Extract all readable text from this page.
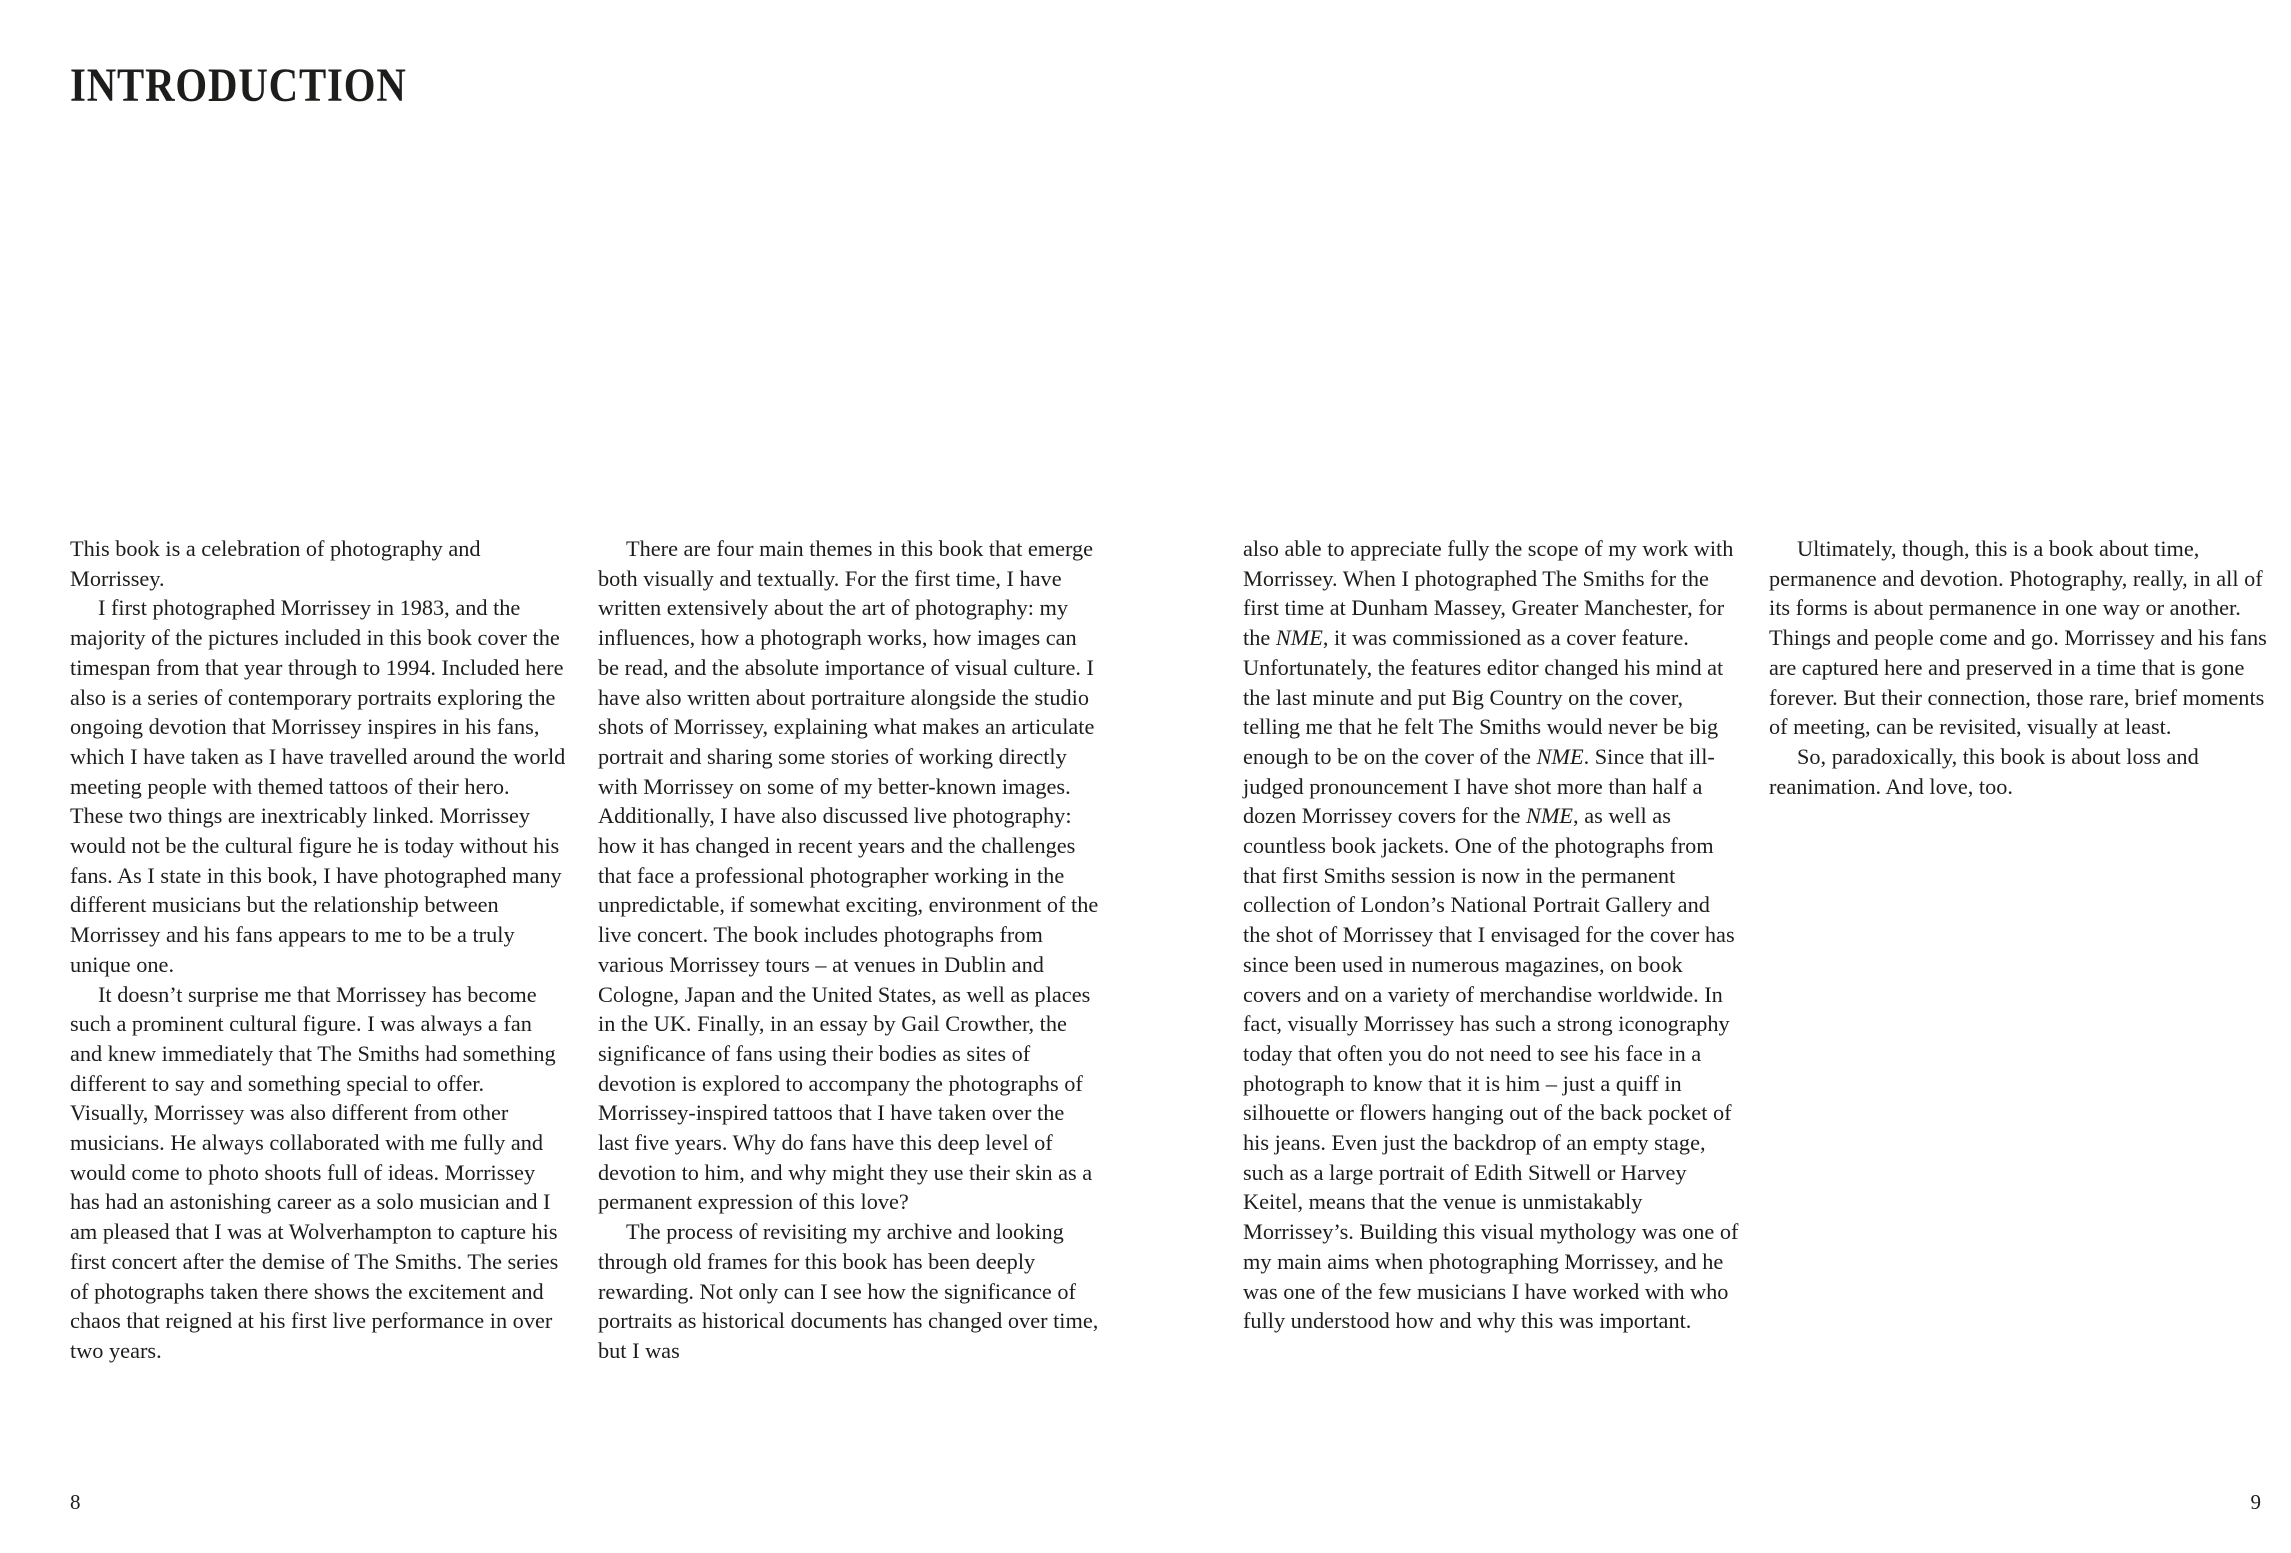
INTRODUCTION

This book is a celebration of photography and Morrissey.

I first photographed Morrissey in 1983, and the majority of the pictures included in this book cover the timespan from that year through to 1994. Included here also is a series of contemporary portraits exploring the ongoing devotion that Morrissey inspires in his fans, which I have taken as I have travelled around the world meeting people with themed tattoos of their hero. These two things are inextricably linked. Morrissey would not be the cultural figure he is today without his fans. As I state in this book, I have photographed many different musicians but the relationship between Morrissey and his fans appears to me to be a truly unique one.

It doesn’t surprise me that Morrissey has become such a prominent cultural figure. I was always a fan and knew immediately that The Smiths had something different to say and something special to offer. Visually, Morrissey was also different from other musicians. He always collaborated with me fully and would come to photo shoots full of ideas. Morrissey has had an astonishing career as a solo musician and I am pleased that I was at Wolverhampton to capture his first concert after the demise of The Smiths. The series of photographs taken there shows the excitement and chaos that reigned at his first live performance in over two years.

There are four main themes in this book that emerge both visually and textually. For the first time, I have written extensively about the art of photography: my influences, how a photograph works, how images can be read, and the absolute importance of visual culture. I have also written about portraiture alongside the studio shots of Morrissey, explaining what makes an articulate portrait and sharing some stories of working directly with Morrissey on some of my better-known images. Additionally, I have also discussed live photography: how it has changed in recent years and the challenges that face a professional photographer working in the unpredictable, if somewhat exciting, environment of the live concert. The book includes photographs from various Morrissey tours – at venues in Dublin and Cologne, Japan and the United States, as well as places in the UK. Finally, in an essay by Gail Crowther, the significance of fans using their bodies as sites of devotion is explored to accompany the photographs of Morrissey-inspired tattoos that I have taken over the last five years. Why do fans have this deep level of devotion to him, and why might they use their skin as a permanent expression of this love?

The process of revisiting my archive and looking through old frames for this book has been deeply rewarding. Not only can I see how the significance of portraits as historical documents has changed over time, but I was

also able to appreciate fully the scope of my work with Morrissey. When I photographed The Smiths for the first time at Dunham Massey, Greater Manchester, for the NME, it was commissioned as a cover feature. Unfortunately, the features editor changed his mind at the last minute and put Big Country on the cover, telling me that he felt The Smiths would never be big enough to be on the cover of the NME. Since that ill-judged pronouncement I have shot more than half a dozen Morrissey covers for the NME, as well as countless book jackets. One of the photographs from that first Smiths session is now in the permanent collection of London’s National Portrait Gallery and the shot of Morrissey that I envisaged for the cover has since been used in numerous magazines, on book covers and on a variety of merchandise worldwide. In fact, visually Morrissey has such a strong iconography today that often you do not need to see his face in a photograph to know that it is him – just a quiff in silhouette or flowers hanging out of the back pocket of his jeans. Even just the backdrop of an empty stage, such as a large portrait of Edith Sitwell or Harvey Keitel, means that the venue is unmistakably Morrissey’s. Building this visual mythology was one of my main aims when photographing Morrissey, and he was one of the few musicians I have worked with who fully understood how and why this was important.

Ultimately, though, this is a book about time, permanence and devotion. Photography, really, in all of its forms is about permanence in one way or another. Things and people come and go. Morrissey and his fans are captured here and preserved in a time that is gone forever. But their connection, those rare, brief moments of meeting, can be revisited, visually at least.

So, paradoxically, this book is about loss and reanimation. And love, too.

8	9
